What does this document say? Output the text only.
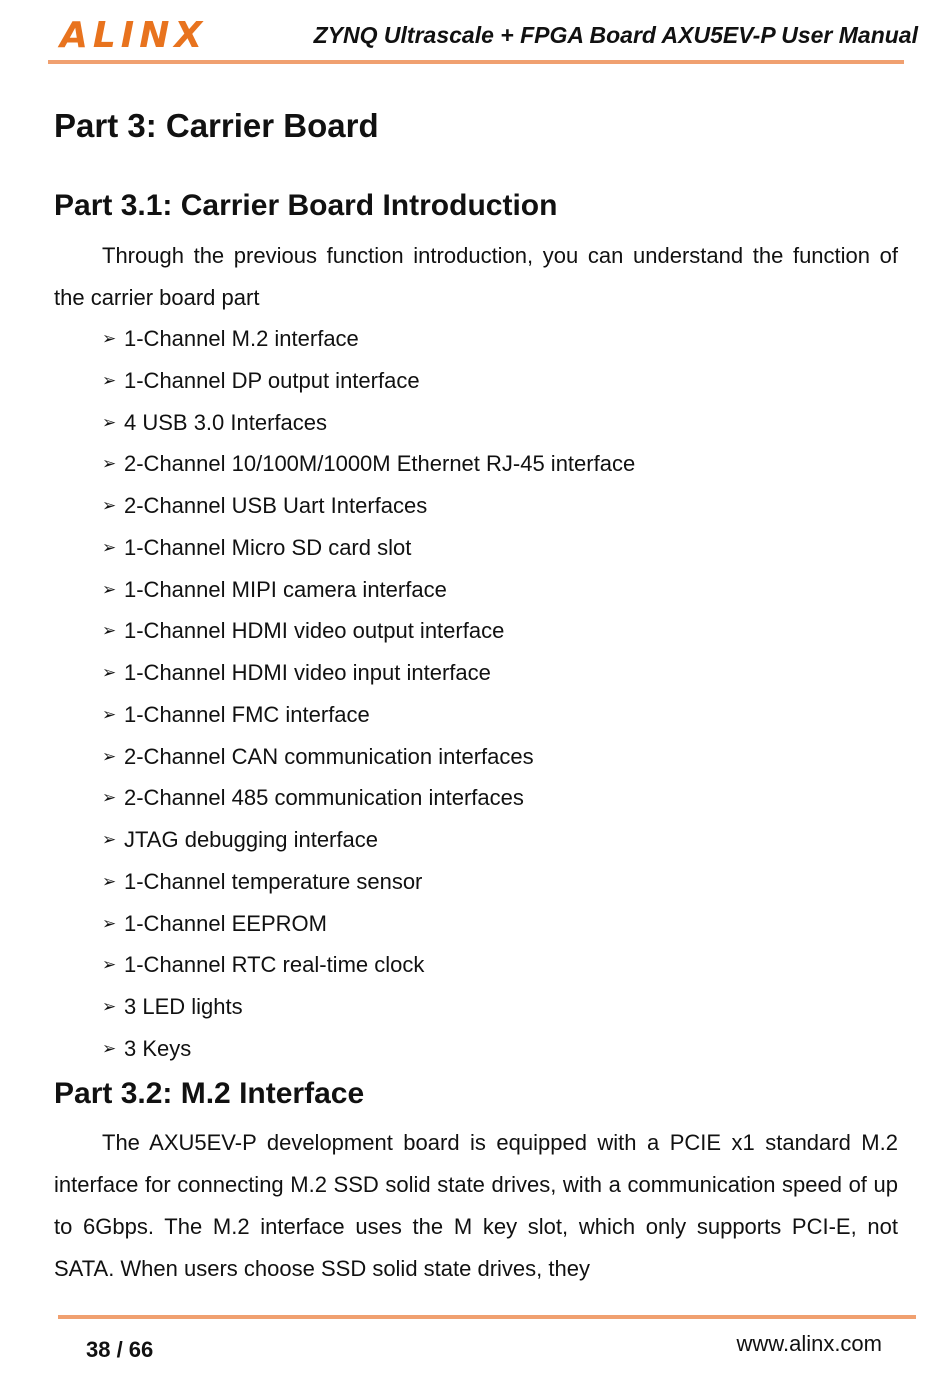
ALINX	ZYNQ Ultrascale + FPGA Board AXU5EV-P User Manual
Part 3: Carrier Board
Part 3.1: Carrier Board Introduction

Through the previous function introduction, you can understand the function of the carrier board part

➢ 1-Channel M.2 interface
➢ 1-Channel DP output interface
➢ 4 USB 3.0 Interfaces
➢ 2-Channel 10/100M/1000M Ethernet RJ-45 interface
➢ 2-Channel USB Uart Interfaces
➢ 1-Channel Micro SD card slot
➢ 1-Channel MIPI camera interface
➢ 1-Channel HDMI video output interface
➢ 1-Channel HDMI video input interface
➢ 1-Channel FMC interface
➢ 2-Channel CAN communication interfaces
➢ 2-Channel 485 communication interfaces
➢ JTAG debugging interface
➢ 1-Channel temperature sensor
➢ 1-Channel EEPROM
➢ 1-Channel RTC real-time clock
➢ 3 LED lights
➢ 3 Keys
Part 3.2: M.2 Interface

The AXU5EV-P development board is equipped with a PCIE x1 standard M.2 interface for connecting M.2 SSD solid state drives, with a communication speed of up to 6Gbps. The M.2 interface uses the M key slot, which only supports PCI-E, not SATA. When users choose SSD solid state drives, they

38 / 66	www.alinx.com
